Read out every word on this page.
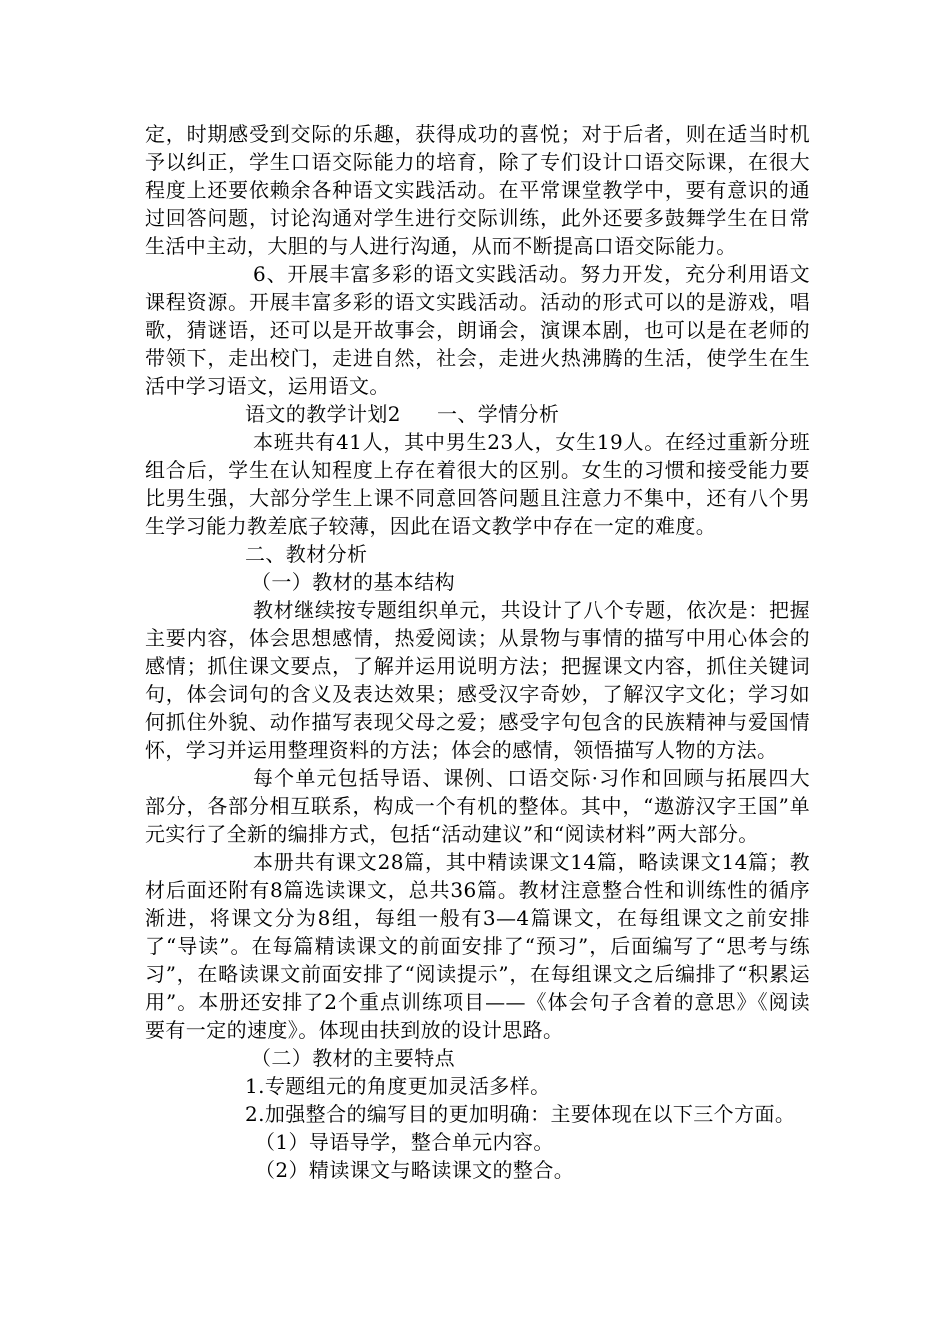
定，时期感受到交际的乐趣，获得成功的喜悦；对于后者，则在适当时机予以纠正，学生口语交际能力的培育，除了专们设计口语交际课，在很大程度上还要依赖余各种语文实践活动。在平常课堂教学中，要有意识的通过回答问题，讨论沟通对学生进行交际训练，此外还要多鼓舞学生在日常生活中主动，大胆的与人进行沟通，从而不断提高口语交际能力。

6、开展丰富多彩的语文实践活动。努力开发，充分利用语文课程资源。开展丰富多彩的语文实践活动。活动的形式可以的是游戏，唱歌，猜谜语，还可以是开故事会，朗诵会，演课本剧，也可以是在老师的带领下，走出校门，走进自然，社会，走进火热沸腾的生活，使学生在生活中学习语文，运用语文。

语文的教学计划2 一、学情分析

本班共有41人，其中男生23人，女生19人。在经过重新分班组合后，学生在认知程度上存在着很大的区别。女生的习惯和接受能力要比男生强，大部分学生上课不同意回答问题且注意力不集中，还有八个男生学习能力教差底子较薄，因此在语文教学中存在一定的难度。

二、教材分析

（一）教材的基本结构

教材继续按专题组织单元，共设计了八个专题，依次是：把握主要内容，体会思想感情，热爱阅读；从景物与事情的描写中用心体会的感情；抓住课文要点，了解并运用说明方法；把握课文内容，抓住关键词句，体会词句的含义及表达效果；感受汉字奇妙，了解汉字文化；学习如何抓住外貌、动作描写表现父母之爱；感受字句包含的民族精神与爱国情怀，学习并运用整理资料的方法；体会的感情，领悟描写人物的方法。

每个单元包括导语、课例、口语交际·习作和回顾与拓展四大部分，各部分相互联系，构成一个有机的整体。其中，“遨游汉字王国”单元实行了全新的编排方式，包括“活动建议”和“阅读材料”两大部分。

本册共有课文28篇，其中精读课文14篇，略读课文14篇；教材后面还附有8篇选读课文，总共36篇。教材注意整合性和训练性的循序渐进，将课文分为8组，每组一般有3—4篇课文，在每组课文之前安排了“导读”。在每篇精读课文的前面安排了“预习”，后面编写了“思考与练习”，在略读课文前面安排了“阅读提示”，在每组课文之后编排了“积累运用”。本册还安排了2个重点训练项目——《体会句子含着的意思》《阅读要有一定的速度》。体现由扶到放的设计思路。

（二）教材的主要特点

1.专题组元的角度更加灵活多样。

2.加强整合的编写目的更加明确：主要体现在以下三个方面。

（1）导语导学，整合单元内容。

（2）精读课文与略读课文的整合。
